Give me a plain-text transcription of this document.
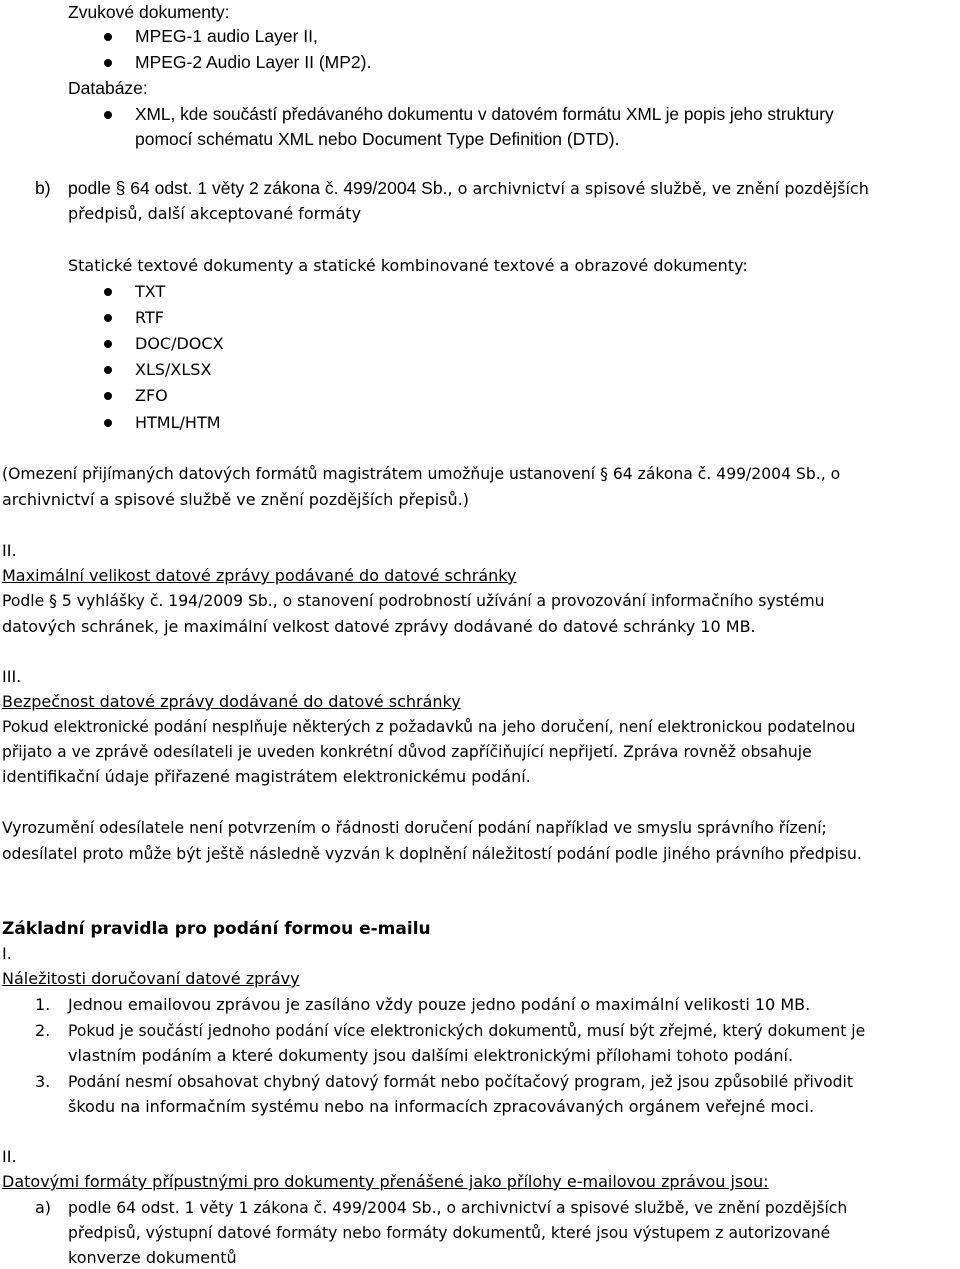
Zvukové dokumenty:
MPEG-1 audio Layer II,
MPEG-2 Audio Layer II (MP2).
Databáze:
XML, kde součástí předávaného dokumentu v datovém formátu XML je popis jeho struktury
pomocí schématu XML nebo Document Type Definition (DTD).
b) podle § 64 odst. 1 věty 2 zákona č. 499/2004 Sb., o archivnictví a spisové službě, ve znění pozdějších
předpisů, další akceptované formáty
Statické textové dokumenty a statické kombinované textové a obrazové dokumenty:
TXT
RTF
DOC/DOCX
XLS/XLSX
ZFO
HTML/HTM
(Omezení přijímaných datových formátů magistrátem umožňuje ustanovení § 64 zákona č. 499/2004 Sb., o
archivnictví a spisové službě ve znění pozdějších přepisů.)
II.
Maximální velikost datové zprávy podávané do datové schránky
Podle § 5 vyhlášky č. 194/2009 Sb., o stanovení podrobností užívání a provozování informačního systému
datových schránek, je maximální velkost datové zprávy dodávané do datové schránky 10 MB.
III.
Bezpečnost datové zprávy dodávané do datové schránky
Pokud elektronické podání nesplňuje některých z požadavků na jeho doručení, není elektronickou podatelnou
přijato a ve zprávě odesílateli je uveden konkrétní důvod zapříčiňující nepřijetí. Zpráva rovněž obsahuje
identifikační údaje přiřazené magistrátem elektronickému podání.
Vyrozumění odesílatele není potvrzením o řádnosti doručení podání například ve smyslu správního řízení;
odesílatel proto může být ještě následně vyzván k doplnění náležitostí podání podle jiného právního předpisu.
Základní pravidla pro podání formou e-mailu
I.
Náležitosti doručovaní datové zprávy
1. Jednou emailovou zprávou je zasíláno vždy pouze jedno podání o maximální velikosti 10 MB.
2. Pokud je součástí jednoho podání více elektronických dokumentů, musí být zřejmé, který dokument je
vlastním podáním a které dokumenty jsou dalšími elektronickými přílohami tohoto podání.
3. Podání nesmí obsahovat chybný datový formát nebo počítačový program, jež jsou způsobilé přivodit
škodu na informačním systému nebo na informacích zpracovávaných orgánem veřejné moci.
II.
Datovými formáty přípustnými pro dokumenty přenášené jako přílohy e-mailovou zprávou jsou:
a) podle 64 odst. 1 věty 1 zákona č. 499/2004 Sb., o archivnictví a spisové službě, ve znění pozdějších
předpisů, výstupní datové formáty nebo formáty dokumentů, které jsou výstupem z autorizované
konverze dokumentů
